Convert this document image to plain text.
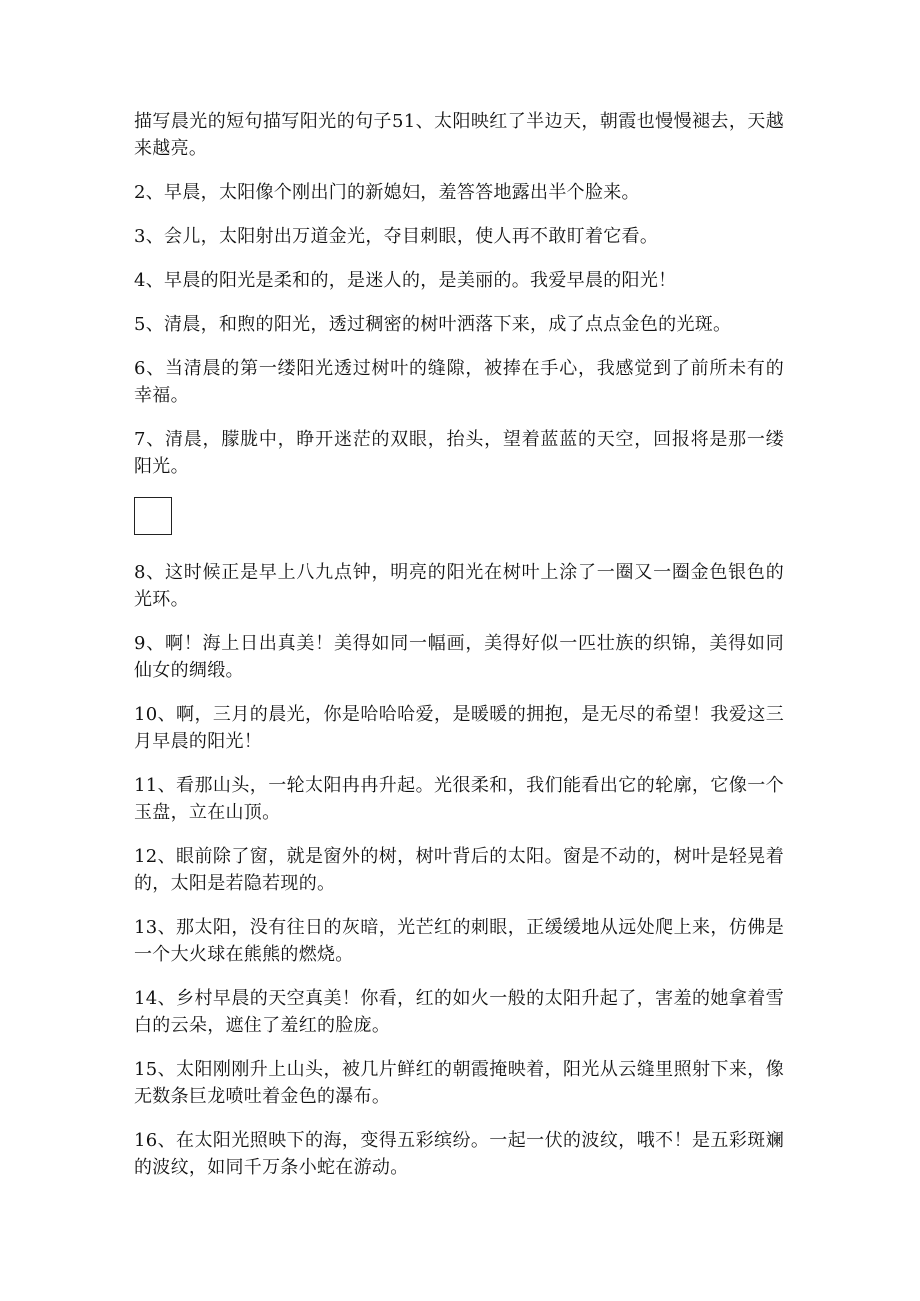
描写晨光的短句描写阳光的句子51、太阳映红了半边天，朝霞也慢慢褪去，天越来越亮。

2、早晨，太阳像个刚出门的新媳妇，羞答答地露出半个脸来。

3、会儿，太阳射出万道金光，夺目刺眼，使人再不敢盯着它看。

4、早晨的阳光是柔和的，是迷人的，是美丽的。我爱早晨的阳光！

5、清晨，和煦的阳光，透过稠密的树叶洒落下来，成了点点金色的光斑。

6、当清晨的第一缕阳光透过树叶的缝隙，被捧在手心，我感觉到了前所未有的幸福。

7、清晨，朦胧中，睁开迷茫的双眼，抬头，望着蓝蓝的天空，回报将是那一缕阳光。

8、这时候正是早上八九点钟，明亮的阳光在树叶上涂了一圈又一圈金色银色的光环。

9、啊！海上日出真美！美得如同一幅画，美得好似一匹壮族的织锦，美得如同仙女的绸缎。

10、啊，三月的晨光，你是哈哈哈爱，是暖暖的拥抱，是无尽的希望！我爱这三月早晨的阳光！

11、看那山头，一轮太阳冉冉升起。光很柔和，我们能看出它的轮廓，它像一个玉盘，立在山顶。

12、眼前除了窗，就是窗外的树，树叶背后的太阳。窗是不动的，树叶是轻晃着的，太阳是若隐若现的。

13、那太阳，没有往日的灰暗，光芒红的刺眼，正缓缓地从远处爬上来，仿佛是一个大火球在熊熊的燃烧。

14、乡村早晨的天空真美！你看，红的如火一般的太阳升起了，害羞的她拿着雪白的云朵，遮住了羞红的脸庞。

15、太阳刚刚升上山头，被几片鲜红的朝霞掩映着，阳光从云缝里照射下来，像无数条巨龙喷吐着金色的瀑布。

16、在太阳光照映下的海，变得五彩缤纷。一起一伏的波纹，哦不！是五彩斑斓的波纹，如同千万条小蛇在游动。
